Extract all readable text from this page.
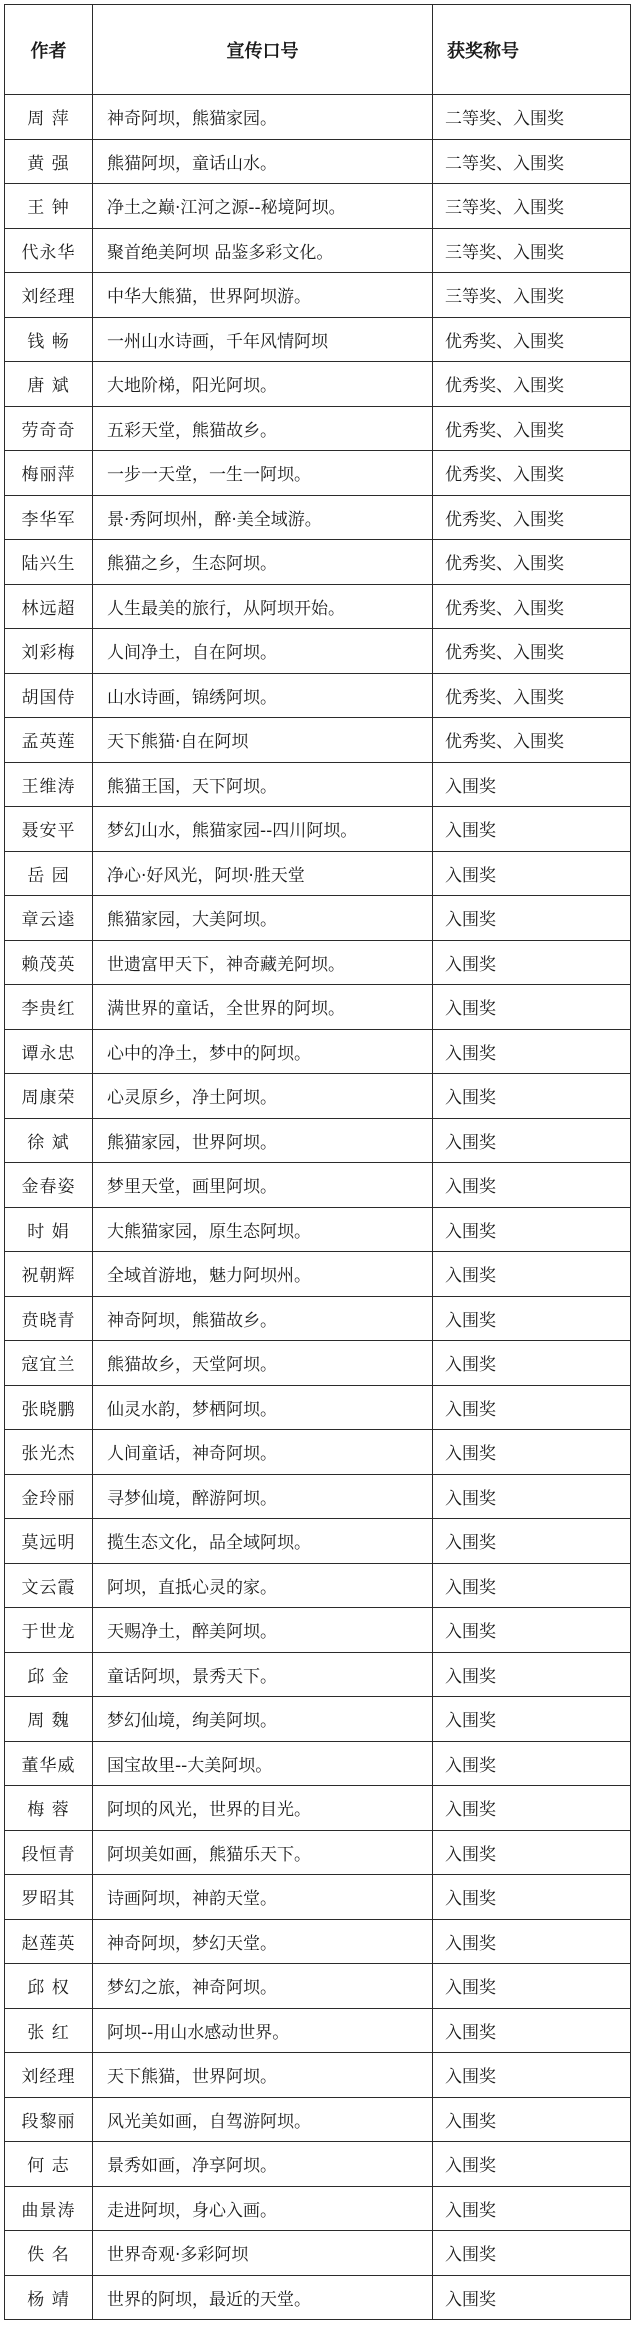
作者	宣传口号	获奖称号
周 萍	神奇阿坝，熊猫家园。	二等奖、入围奖
黄 强	熊猫阿坝，童话山水。	二等奖、入围奖
王 钟	净土之巅·江河之源--秘境阿坝。	三等奖、入围奖
代永华	聚首绝美阿坝 品鉴多彩文化。	三等奖、入围奖
刘经理	中华大熊猫，世界阿坝游。	三等奖、入围奖
钱 畅	一州山水诗画，千年风情阿坝	优秀奖、入围奖
唐 斌	大地阶梯，阳光阿坝。	优秀奖、入围奖
劳奇奇	五彩天堂，熊猫故乡。	优秀奖、入围奖
梅丽萍	一步一天堂，一生一阿坝。	优秀奖、入围奖
李华军	景·秀阿坝州，醉·美全域游。	优秀奖、入围奖
陆兴生	熊猫之乡，生态阿坝。	优秀奖、入围奖
林远超	人生最美的旅行，从阿坝开始。	优秀奖、入围奖
刘彩梅	人间净土，自在阿坝。	优秀奖、入围奖
胡国侍	山水诗画，锦绣阿坝。	优秀奖、入围奖
孟英莲	天下熊猫·自在阿坝	优秀奖、入围奖
王维涛	熊猫王国，天下阿坝。	入围奖
聂安平	梦幻山水，熊猫家园--四川阿坝。	入围奖
岳 园	净心·好风光，阿坝·胜天堂	入围奖
章云逵	熊猫家园，大美阿坝。	入围奖
赖茂英	世遗富甲天下，神奇藏羌阿坝。	入围奖
李贵红	满世界的童话，全世界的阿坝。	入围奖
谭永忠	心中的净土，梦中的阿坝。	入围奖
周康荣	心灵原乡，净土阿坝。	入围奖
徐 斌	熊猫家园，世界阿坝。	入围奖
金春姿	梦里天堂，画里阿坝。	入围奖
时 娟	大熊猫家园，原生态阿坝。	入围奖
祝朝辉	全域首游地，魅力阿坝州。	入围奖
贲晓青	神奇阿坝，熊猫故乡。	入围奖
寇宜兰	熊猫故乡，天堂阿坝。	入围奖
张晓鹏	仙灵水韵，梦栖阿坝。	入围奖
张光杰	人间童话，神奇阿坝。	入围奖
金玲丽	寻梦仙境，醉游阿坝。	入围奖
莫远明	揽生态文化，品全域阿坝。	入围奖
文云霞	阿坝，直抵心灵的家。	入围奖
于世龙	天赐净土，醉美阿坝。	入围奖
邱 金	童话阿坝，景秀天下。	入围奖
周 魏	梦幻仙境，绚美阿坝。	入围奖
董华威	国宝故里--大美阿坝。	入围奖
梅 蓉	阿坝的风光，世界的目光。	入围奖
段恒青	阿坝美如画，熊猫乐天下。	入围奖
罗昭其	诗画阿坝，神韵天堂。	入围奖
赵莲英	神奇阿坝，梦幻天堂。	入围奖
邱 权	梦幻之旅，神奇阿坝。	入围奖
张 红	阿坝--用山水感动世界。	入围奖
刘经理	天下熊猫，世界阿坝。	入围奖
段黎丽	风光美如画，自驾游阿坝。	入围奖
何 志	景秀如画，净享阿坝。	入围奖
曲景涛	走进阿坝，身心入画。	入围奖
佚 名	世界奇观·多彩阿坝	入围奖
杨 靖	世界的阿坝，最近的天堂。	入围奖
